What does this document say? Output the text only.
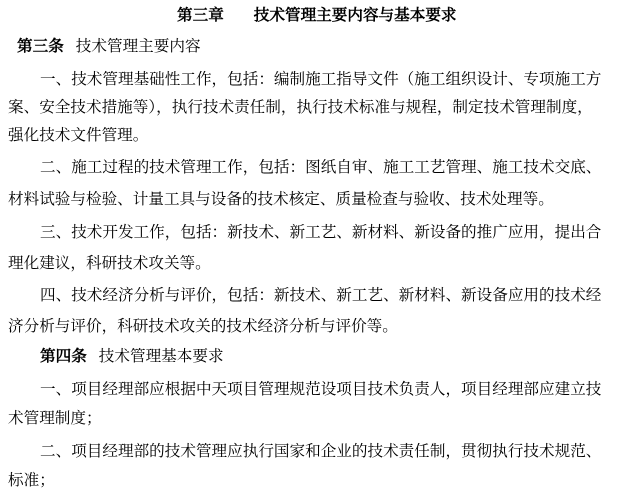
第三章 技术管理主要内容与基本要求
第三条 技术管理主要内容
一、技术管理基础性工作，包括：编制施工指导文件（施工组织设计、专项施工方
案、安全技术措施等），执行技术责任制，执行技术标准与规程，制定技术管理制度，
强化技术文件管理。
二、施工过程的技术管理工作，包括：图纸自审、施工工艺管理、施工技术交底、
材料试验与检验、计量工具与设备的技术核定、质量检查与验收、技术处理等。
三、技术开发工作，包括：新技术、新工艺、新材料、新设备的推广应用，提出合
理化建议，科研技术攻关等。
四、技术经济分析与评价，包括：新技术、新工艺、新材料、新设备应用的技术经
济分析与评价，科研技术攻关的技术经济分析与评价等。
第四条 技术管理基本要求
一、项目经理部应根据中天项目管理规范设项目技术负责人，项目经理部应建立技
术管理制度；
二、项目经理部的技术管理应执行国家和企业的技术责任制，贯彻执行技术规范、
标准；
